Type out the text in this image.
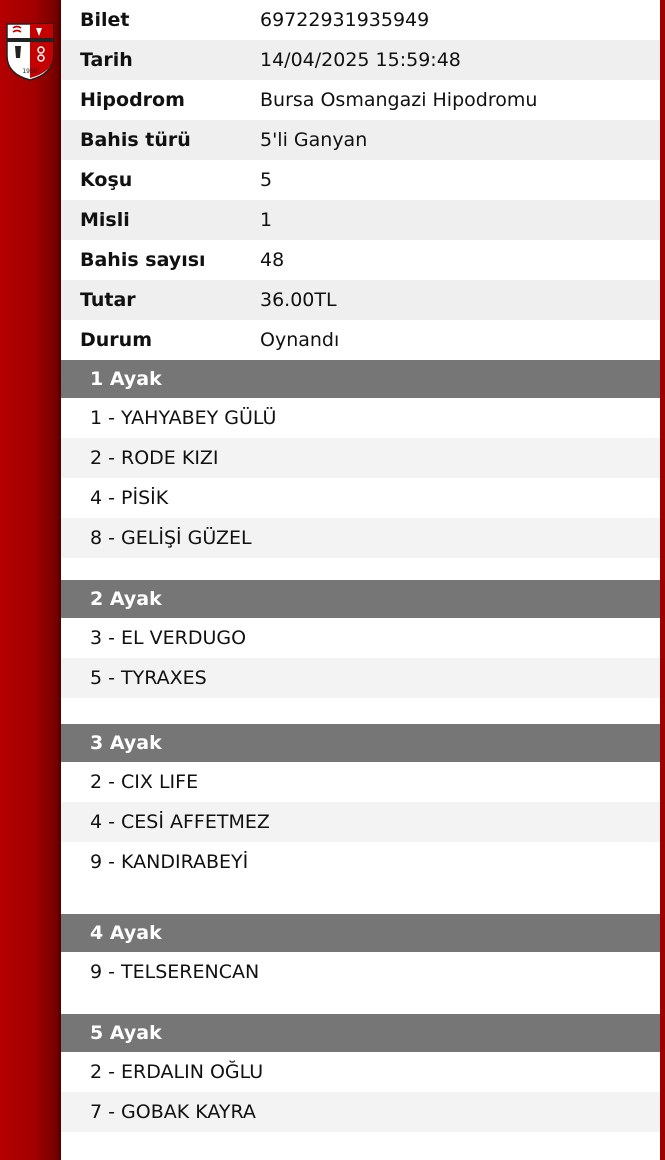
1950
Bilet	69722931935949
Tarih	14/04/2025 15:59:48
Hipodrom	Bursa Osmangazi Hipodromu
Bahis türü	5'li Ganyan
Koşu	5
Misli	1
Bahis sayısı	48
Tutar	36.00TL
Durum	Oynandı
1 Ayak
1 - YAHYABEY GÜLÜ
2 - RODE KIZI
4 - PİSİK
8 - GELİŞİ GÜZEL
2 Ayak
3 - EL VERDUGO
5 - TYRAXES
3 Ayak
2 - CIX LIFE
4 - CESİ AFFETMEZ
9 - KANDIRABEYİ
4 Ayak
9 - TELSERENCAN
5 Ayak
2 - ERDALIN OĞLU
7 - GOBAK KAYRA
